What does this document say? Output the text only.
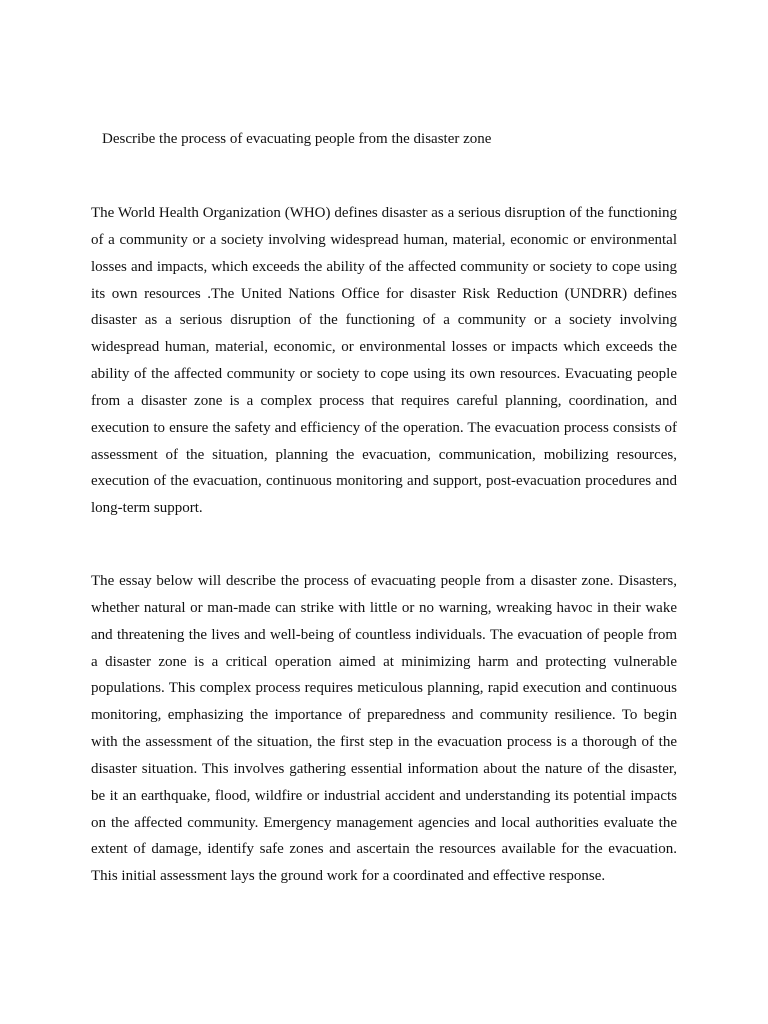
Describe the process of evacuating people from the disaster zone

The World Health Organization (WHO) defines disaster as a serious disruption of the functioning of a community or a society involving widespread human, material, economic or environmental losses and impacts, which exceeds the ability of the affected community or society to cope using its own resources .The United Nations Office for disaster Risk Reduction (UNDRR) defines disaster as a serious disruption of the functioning of a community or a society involving widespread human, material, economic, or environmental losses or impacts which exceeds the ability of the affected community or society to cope using its own resources. Evacuating people from a disaster zone is a complex process that requires careful planning, coordination, and execution to ensure the safety and efficiency of the operation. The evacuation process consists of assessment of the situation, planning the evacuation, communication, mobilizing resources, execution of the evacuation, continuous monitoring and support, post-evacuation procedures and long-term support.

The essay below will describe the process of evacuating people from a disaster zone. Disasters, whether natural or man-made can strike with little or no warning, wreaking havoc in their wake and threatening the lives and well-being of countless individuals. The evacuation of people from a disaster zone is a critical operation aimed at minimizing harm and protecting vulnerable populations. This complex process requires meticulous planning, rapid execution and continuous monitoring, emphasizing the importance of preparedness and community resilience. To begin with the assessment of the situation, the first step in the evacuation process is a thorough of the disaster situation. This involves gathering essential information about the nature of the disaster, be it an earthquake, flood, wildfire or industrial accident and understanding its potential impacts on the affected community. Emergency management agencies and local authorities evaluate the extent of damage, identify safe zones and ascertain the resources available for the evacuation. This initial assessment lays the ground work for a coordinated and effective response.
